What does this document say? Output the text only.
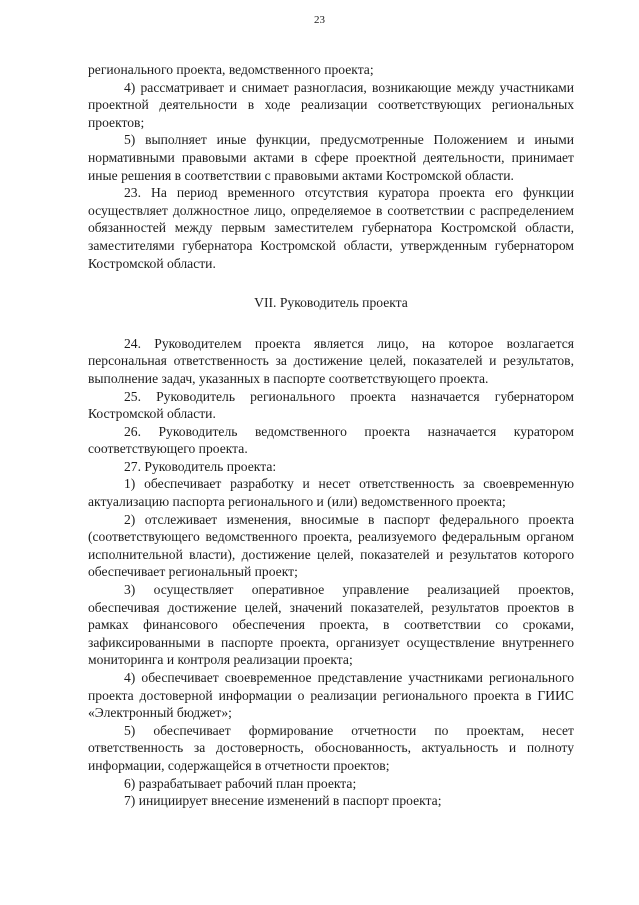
23

регионального проекта, ведомственного проекта;

4) рассматривает и снимает разногласия, возникающие между участниками проектной деятельности в ходе реализации соответствующих региональных проектов;

5) выполняет иные функции, предусмотренные Положением и иными нормативными правовыми актами в сфере проектной деятельности, принимает иные решения в соответствии с правовыми актами Костромской области.

23. На период временного отсутствия куратора проекта его функции осуществляет должностное лицо, определяемое в соответствии с распределением обязанностей между первым заместителем губернатора Костромской области, заместителями губернатора Костромской области, утвержденным губернатором Костромской области.

VII. Руководитель проекта

24. Руководителем проекта является лицо, на которое возлагается персональная ответственность за достижение целей, показателей и результатов, выполнение задач, указанных в паспорте соответствующего проекта.

25. Руководитель регионального проекта назначается губернатором Костромской области.

26. Руководитель ведомственного проекта назначается куратором соответствующего проекта.

27. Руководитель проекта:

1) обеспечивает разработку и несет ответственность за своевременную актуализацию паспорта регионального и (или) ведомственного проекта;

2) отслеживает изменения, вносимые в паспорт федерального проекта (соответствующего ведомственного проекта, реализуемого федеральным органом исполнительной власти), достижение целей, показателей и результатов которого обеспечивает региональный проект;

3) осуществляет оперативное управление реализацией проектов, обеспечивая достижение целей, значений показателей, результатов проектов в рамках финансового обеспечения проекта, в соответствии со сроками, зафиксированными в паспорте проекта, организует осуществление внутреннего мониторинга и контроля реализации проекта;

4) обеспечивает своевременное представление участниками регионального проекта достоверной информации о реализации регионального проекта в ГИИС «Электронный бюджет»;

5) обеспечивает формирование отчетности по проектам, несет ответственность за достоверность, обоснованность, актуальность и полноту информации, содержащейся в отчетности проектов;

6) разрабатывает рабочий план проекта;

7) инициирует внесение изменений в паспорт проекта;
